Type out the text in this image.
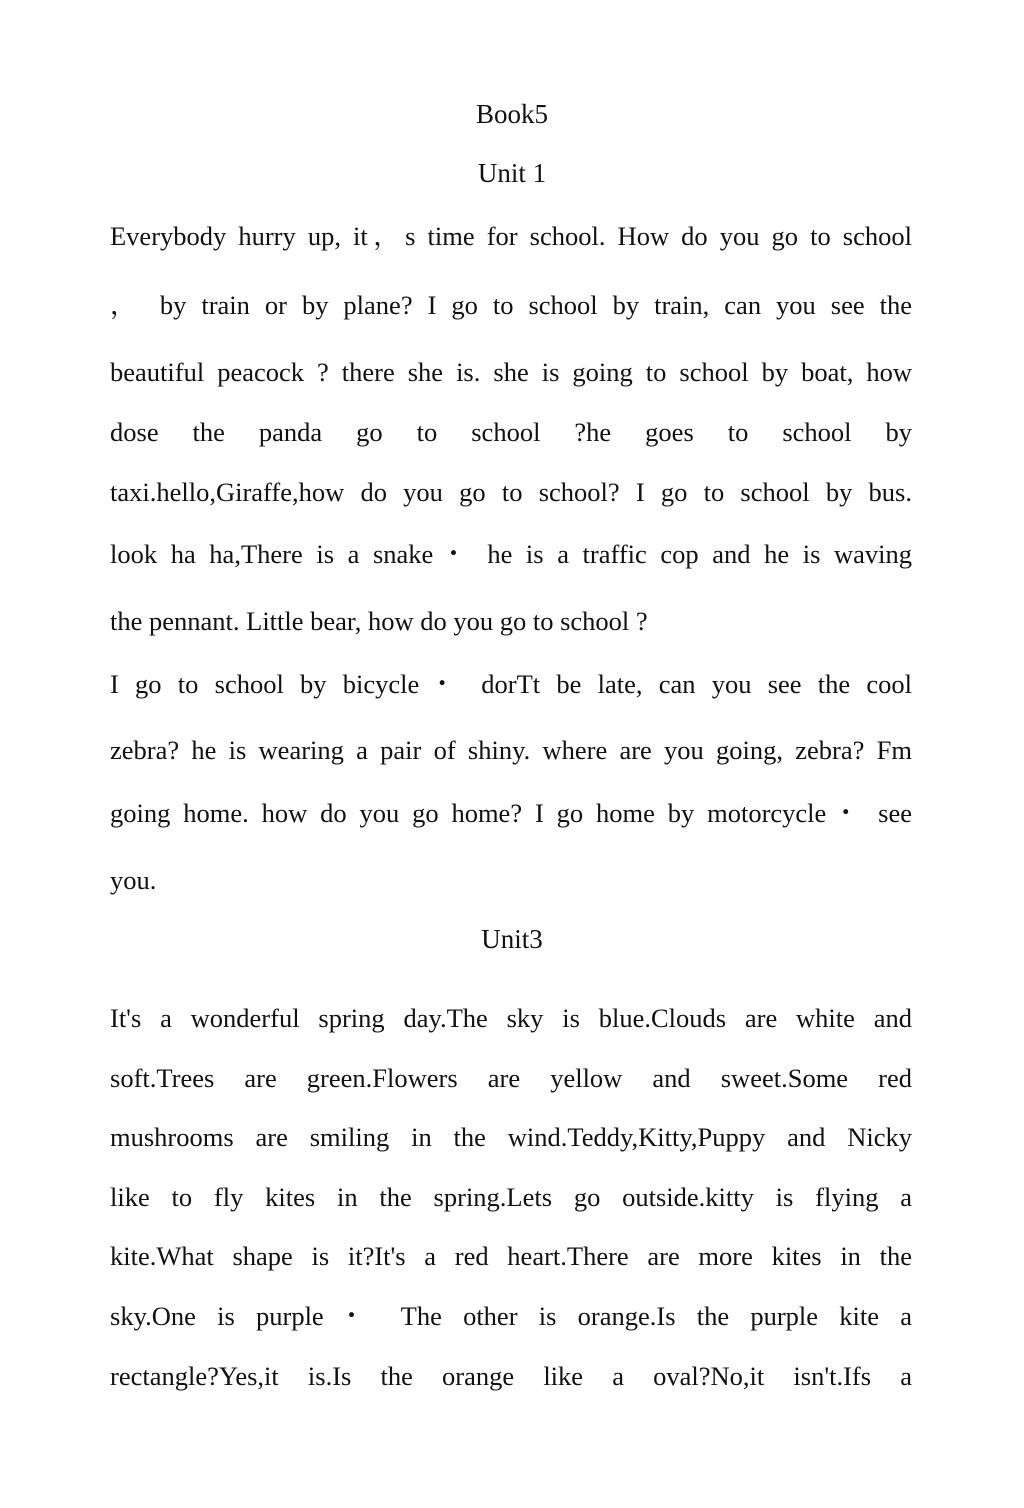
Book5
Unit 1

Everybody hurry up, it，s time for school. How do you go to school

， by train or by plane? I go to school by train, can you see the

beautiful peacock ? there she is. she is going to school by boat, how

dose the panda go to school ?he goes to school by

taxi.hello,Giraffe,how do you go to school? I go to school by bus.

look ha ha,There is a snake・ he is a traffic cop and he is waving

the pennant. Little bear, how do you go to school ?

I go to school by bicycle・ dorTt be late, can you see the cool

zebra? he is wearing a pair of shiny. where are you going, zebra? Fm

going home. how do you go home? I go home by motorcycle・ see

you.

Unit3

It's a wonderful spring day.The sky is blue.Clouds are white and

soft.Trees are green.Flowers are yellow and sweet.Some red

mushrooms are smiling in the wind.Teddy,Kitty,Puppy and Nicky

like to fly kites in the spring.Lets go outside.kitty is flying a

kite.What shape is it?It's a red heart.There are more kites in the

sky.One is purple・ The other is orange.Is the purple kite a

rectangle?Yes,it is.Is the orange like a oval?No,it isn't.Ifs a
